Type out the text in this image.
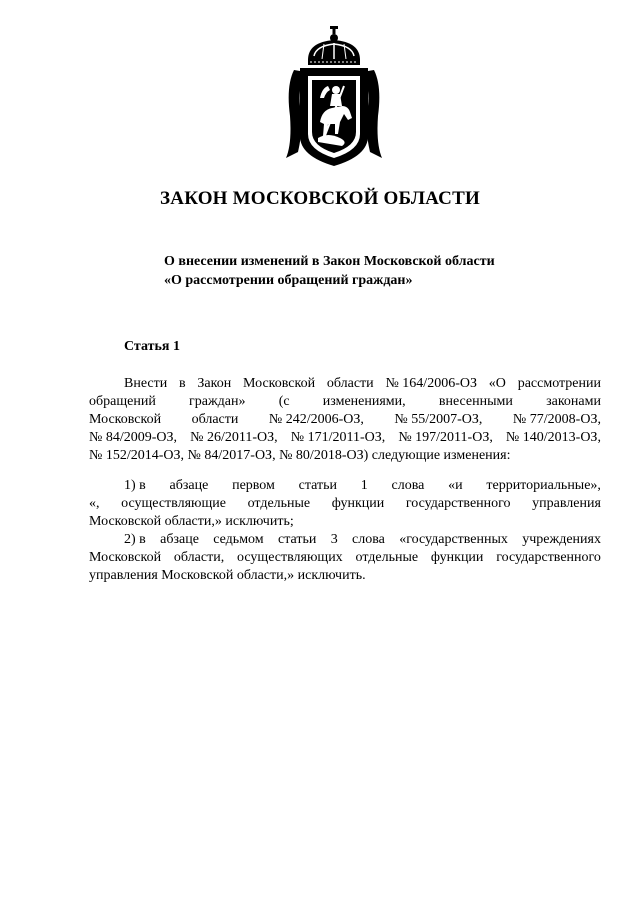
ЗАКОН МОСКОВСКОЙ ОБЛАСТИ
О внесении изменений в Закон Московской области
«О рассмотрении обращений граждан»
Статья 1
Внести в Закон Московской области № 164/2006-ОЗ «О рассмотрении
обращений граждан» (с изменениями, внесенными законами
Московской области № 242/2006-ОЗ, № 55/2007-ОЗ, № 77/2008-ОЗ,
№ 84/2009-ОЗ, № 26/2011-ОЗ, № 171/2011-ОЗ, № 197/2011-ОЗ, № 140/2013-ОЗ,
№ 152/2014-ОЗ, № 84/2017-ОЗ, № 80/2018-ОЗ) следующие изменения:
1) в абзаце первом статьи 1 слова «и территориальные»,
«, осуществляющие отдельные функции государственного управления
Московской области,» исключить;
2) в абзаце седьмом статьи 3 слова «государственных учреждениях
Московской области, осуществляющих отдельные функции государственного
управления Московской области,» исключить.
